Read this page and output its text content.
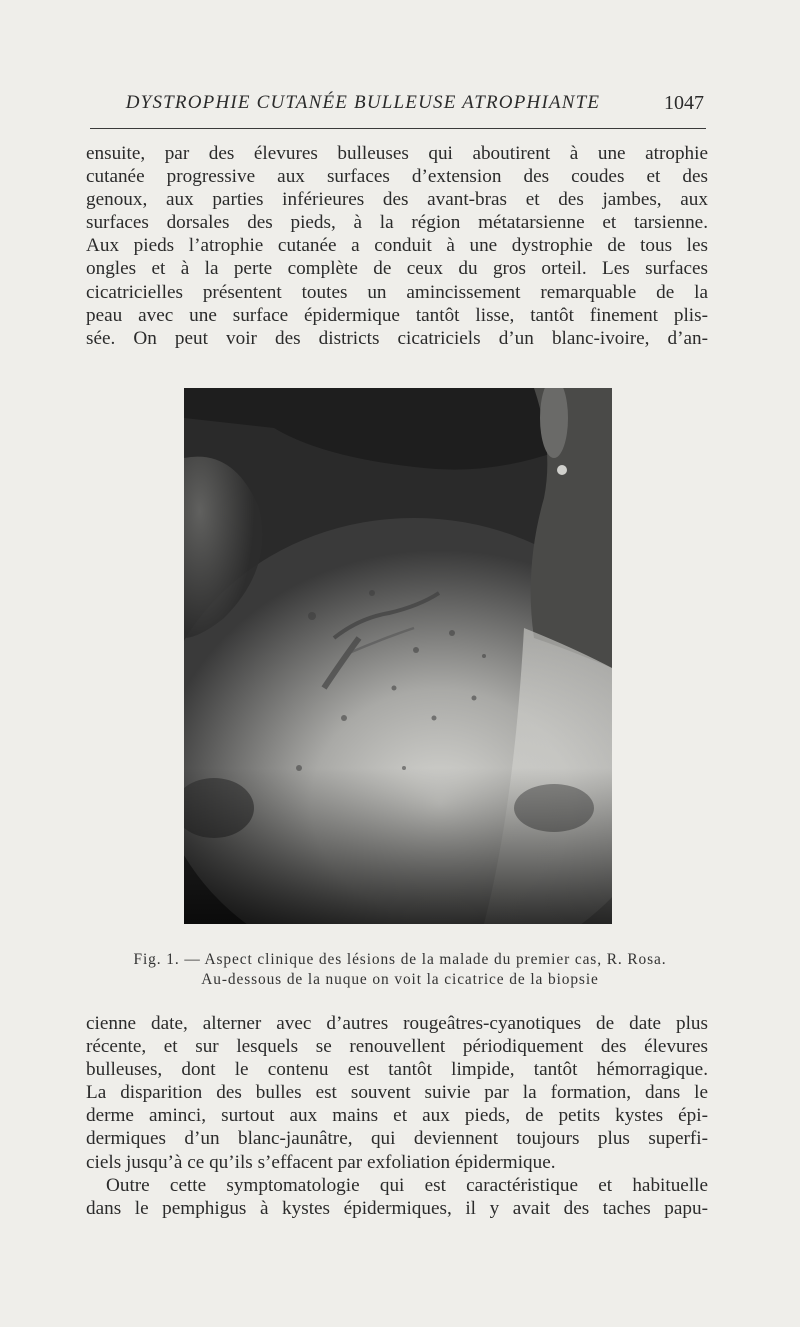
DYSTROPHIE CUTANÉE BULLEUSE ATROPHIANTE	1047
ensuite, par des élevures bulleuses qui aboutirent à une atrophie
cutanée progressive aux surfaces d’extension des coudes et des
genoux, aux parties inférieures des avant-bras et des jambes, aux
surfaces dorsales des pieds, à la région métatarsienne et tarsienne.
Aux pieds l’atrophie cutanée a conduit à une dystrophie de tous les
ongles et à la perte complète de ceux du gros orteil. Les surfaces
cicatricielles présentent toutes un amincissement remarquable de la
peau avec une surface épidermique tantôt lisse, tantôt finement plis-
sée. On peut voir des districts cicatriciels d’un blanc-ivoire, d’an-
Fig. 1. — Aspect clinique des lésions de la malade du premier cas, R. Rosa.
Au-dessous de la nuque on voit la cicatrice de la biopsie
cienne date, alterner avec d’autres rougeâtres-cyanotiques de date plus
récente, et sur lesquels se renouvellent périodiquement des élevures
bulleuses, dont le contenu est tantôt limpide, tantôt hémorragique.
La disparition des bulles est souvent suivie par la formation, dans le
derme aminci, surtout aux mains et aux pieds, de petits kystes épi-
dermiques d’un blanc-jaunâtre, qui deviennent toujours plus superfi-
ciels jusqu’à ce qu’ils s’effacent par exfoliation épidermique.
Outre cette symptomatologie qui est caractéristique et habituelle
dans le pemphigus à kystes épidermiques, il y avait des taches papu-
